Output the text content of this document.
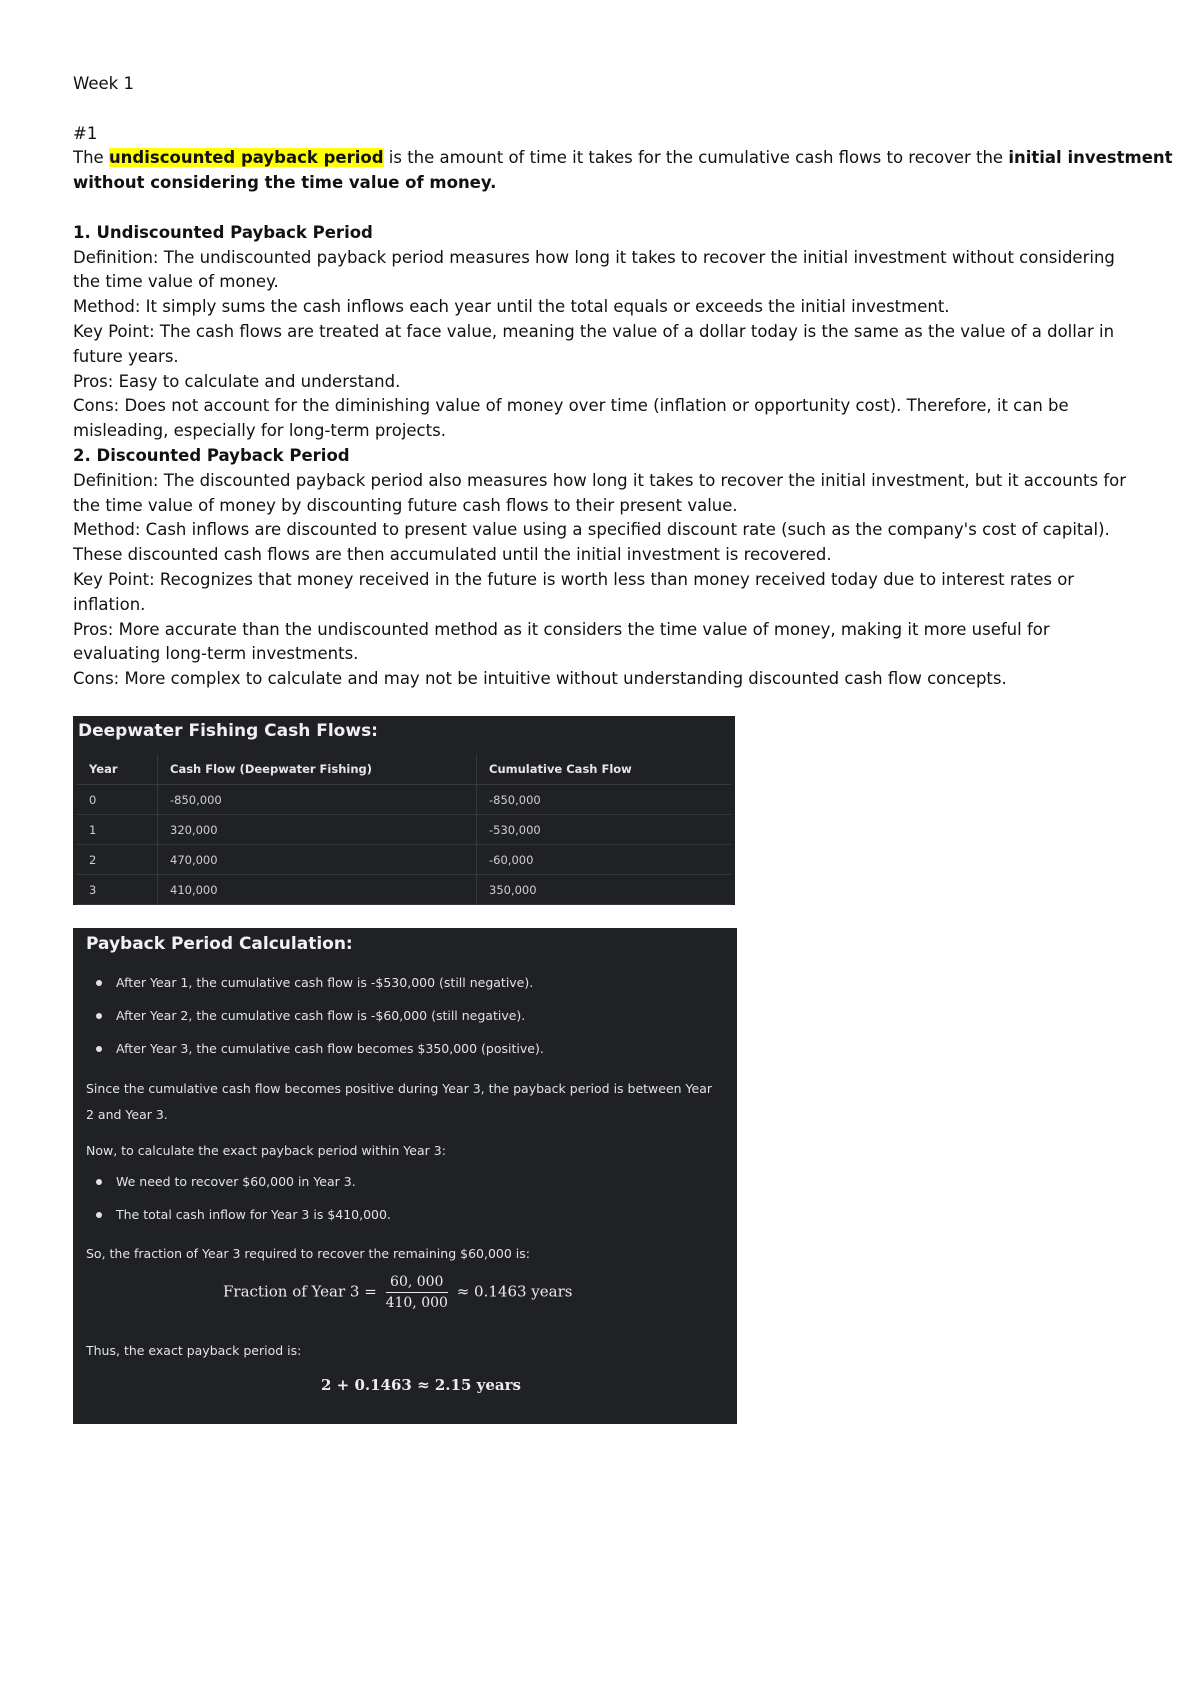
Week 1
#1
The undiscounted payback period is the amount of time it takes for the cumulative cash flows to recover the initial investment
without considering the time value of money.
1. Undiscounted Payback Period
Definition: The undiscounted payback period measures how long it takes to recover the initial investment without considering
the time value of money.
Method: It simply sums the cash inflows each year until the total equals or exceeds the initial investment.
Key Point: The cash flows are treated at face value, meaning the value of a dollar today is the same as the value of a dollar in
future years.
Pros: Easy to calculate and understand.
Cons: Does not account for the diminishing value of money over time (inflation or opportunity cost). Therefore, it can be
misleading, especially for long-term projects.
2. Discounted Payback Period
Definition: The discounted payback period also measures how long it takes to recover the initial investment, but it accounts for
the time value of money by discounting future cash flows to their present value.
Method: Cash inflows are discounted to present value using a specified discount rate (such as the company's cost of capital).
These discounted cash flows are then accumulated until the initial investment is recovered.
Key Point: Recognizes that money received in the future is worth less than money received today due to interest rates or
inflation.
Pros: More accurate than the undiscounted method as it considers the time value of money, making it more useful for
evaluating long-term investments.
Cons: More complex to calculate and may not be intuitive without understanding discounted cash flow concepts.
Deepwater Fishing Cash Flows:
Year	Cash Flow (Deepwater Fishing)	Cumulative Cash Flow
0	-850,000	-850,000
1	320,000	-530,000
2	470,000	-60,000
3	410,000	350,000
Payback Period Calculation:
After Year 1, the cumulative cash flow is -$530,000 (still negative).
After Year 2, the cumulative cash flow is -$60,000 (still negative).
After Year 3, the cumulative cash flow becomes $350,000 (positive).
Since the cumulative cash flow becomes positive during Year 3, the payback period is between Year
2 and Year 3.
Now, to calculate the exact payback period within Year 3:
We need to recover $60,000 in Year 3.
The total cash inflow for Year 3 is $410,000.
So, the fraction of Year 3 required to recover the remaining $60,000 is:
Fraction of Year $3 = \frac{60, 000}{410, 000} \approx 0.1463$ years
Thus, the exact payback period is:
2 + 0.1463 ≈ 2.15 years
